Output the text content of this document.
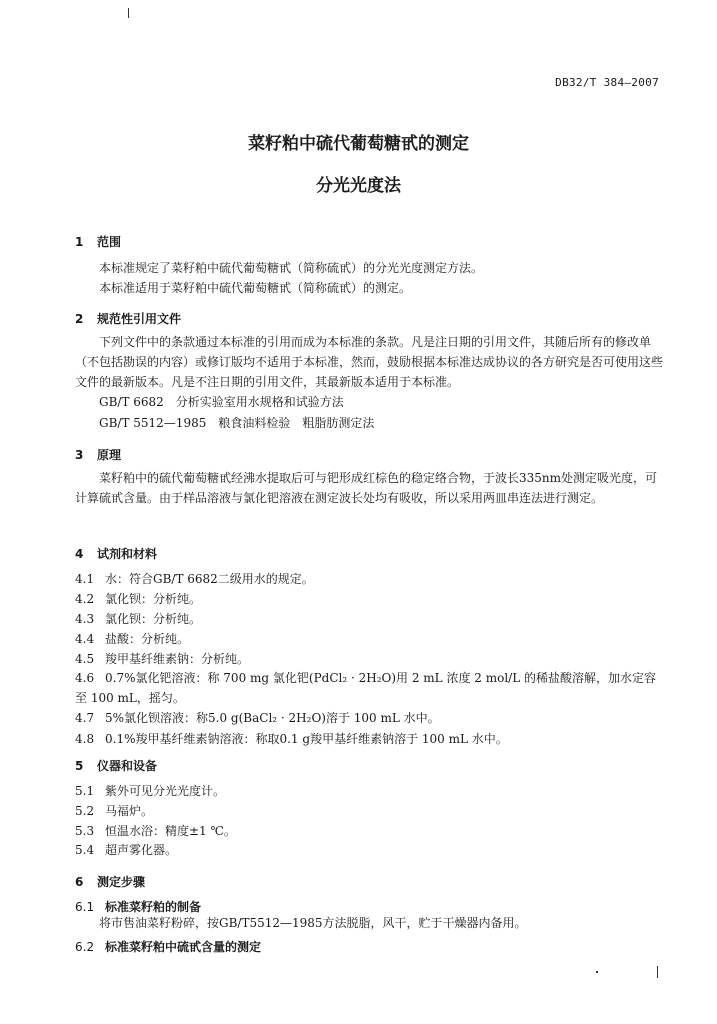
DB32/T 384—2007
菜籽粕中硫代葡萄糖甙的测定
分光光度法
1 范围
本标准规定了菜籽粕中硫代葡萄糖甙（简称硫甙）的分光光度测定方法。
本标准适用于菜籽粕中硫代葡萄糖甙（简称硫甙）的测定。
2 规范性引用文件
下列文件中的条款通过本标准的引用而成为本标准的条款。凡是注日期的引用文件，其随后所有的修改单（不包括勘误的内容）或修订版均不适用于本标准，然而，鼓励根据本标准达成协议的各方研究是否可使用这些文件的最新版本。凡是不注日期的引用文件，其最新版本适用于本标准。
GB/T 6682　分析实验室用水规格和试验方法
GB/T 5512—1985　粮食油料检验　粗脂肪测定法
3 原理
菜籽粕中的硫代葡萄糖甙经沸水提取后可与钯形成红棕色的稳定络合物，于波长335nm处测定吸光度，可计算硫甙含量。由于样品溶液与氯化钯溶液在测定波长处均有吸收，所以采用两皿串连法进行测定。
4 试剂和材料
4.1 水：符合GB/T 6682二级用水的规定。
4.2 氯化钡：分析纯。
4.3 氯化钡：分析纯。
4.4 盐酸：分析纯。
4.5 羧甲基纤维素钠：分析纯。
4.6 0.7%氯化钯溶液：称 700 mg 氯化钯(PdCl₂ · 2H₂O)用 2 mL 浓度 2 mol/L 的稀盐酸溶解，加水定容至 100 mL，摇匀。
4.7 5%氯化钡溶液：称5.0 g(BaCl₂ · 2H₂O)溶于 100 mL 水中。
4.8 0.1%羧甲基纤维素钠溶液：称取0.1 g羧甲基纤维素钠溶于 100 mL 水中。
5 仪器和设备
5.1 紫外可见分光光度计。
5.2 马福炉。
5.3 恒温水浴：精度±1 ℃。
5.4 超声雾化器。
6 测定步骤
6.1 标准菜籽粕的制备
将市售油菜籽粉碎，按GB/T5512—1985方法脱脂，风干，贮于干燥器内备用。
6.2 标准菜籽粕中硫甙含量的测定
